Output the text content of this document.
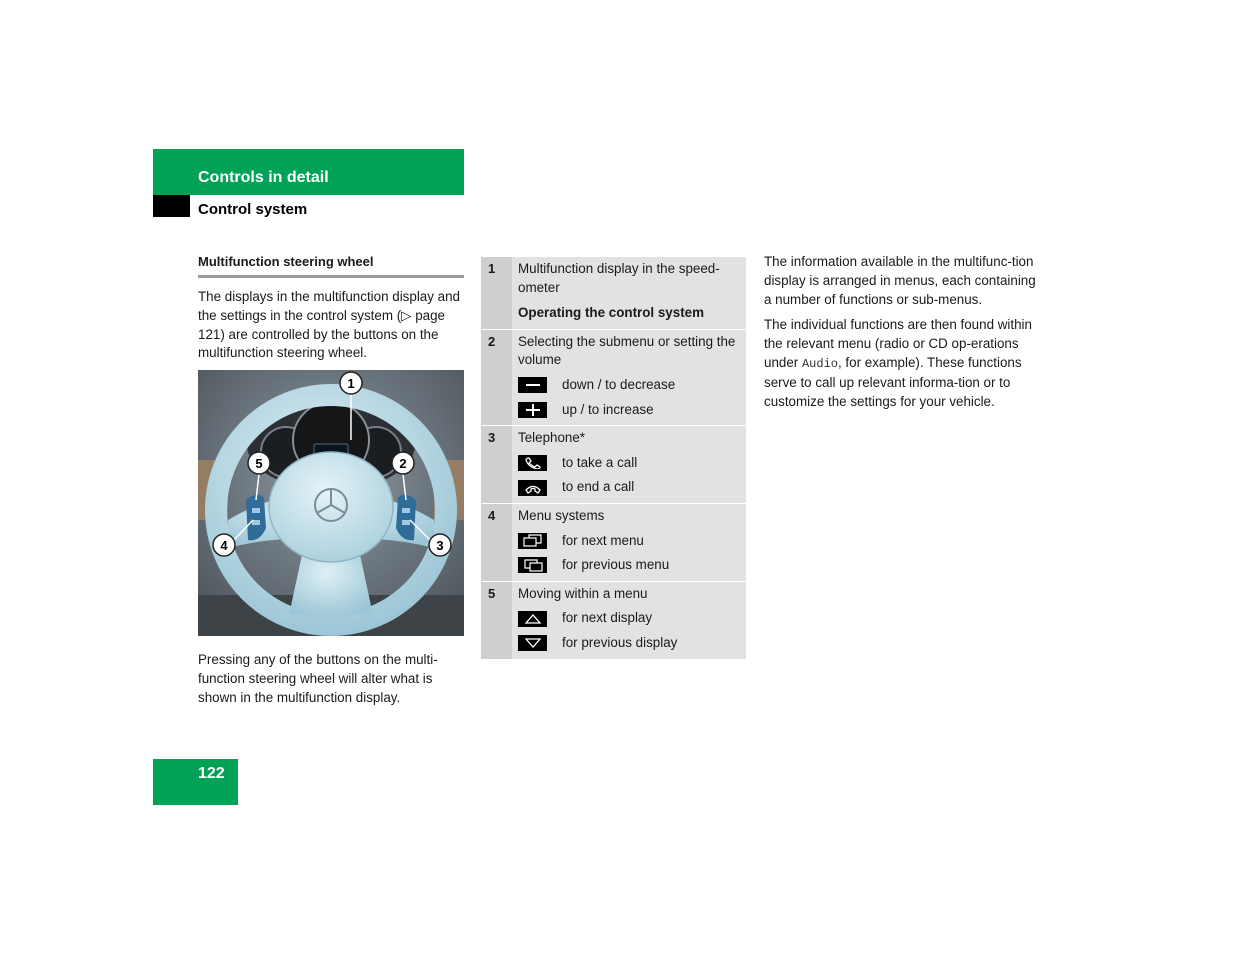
Controls in detail
Control system
Multifunction steering wheel
The displays in the multifunction display and the settings in the control system (▷ page 121) are controlled by the buttons on the multifunction steering wheel.
1
2
3
4
5
Pressing any of the buttons on the multi-function steering wheel will alter what is shown in the multifunction display.
1	Multifunction display in the speed-ometer
Operating the control system
2	Selecting the submenu or setting the volume
down / to decrease
up / to increase
3	Telephone*
to take a call
to end a call
4	Menu systems
for next menu
for previous menu
5	Moving within a menu
for next display
for previous display

The information available in the multifunc-tion display is arranged in menus, each containing a number of functions or sub-menus.

The individual functions are then found within the relevant menu (radio or CD op-erations under Audio, for example). These functions serve to call up relevant informa-tion or to customize the settings for your vehicle.

122
